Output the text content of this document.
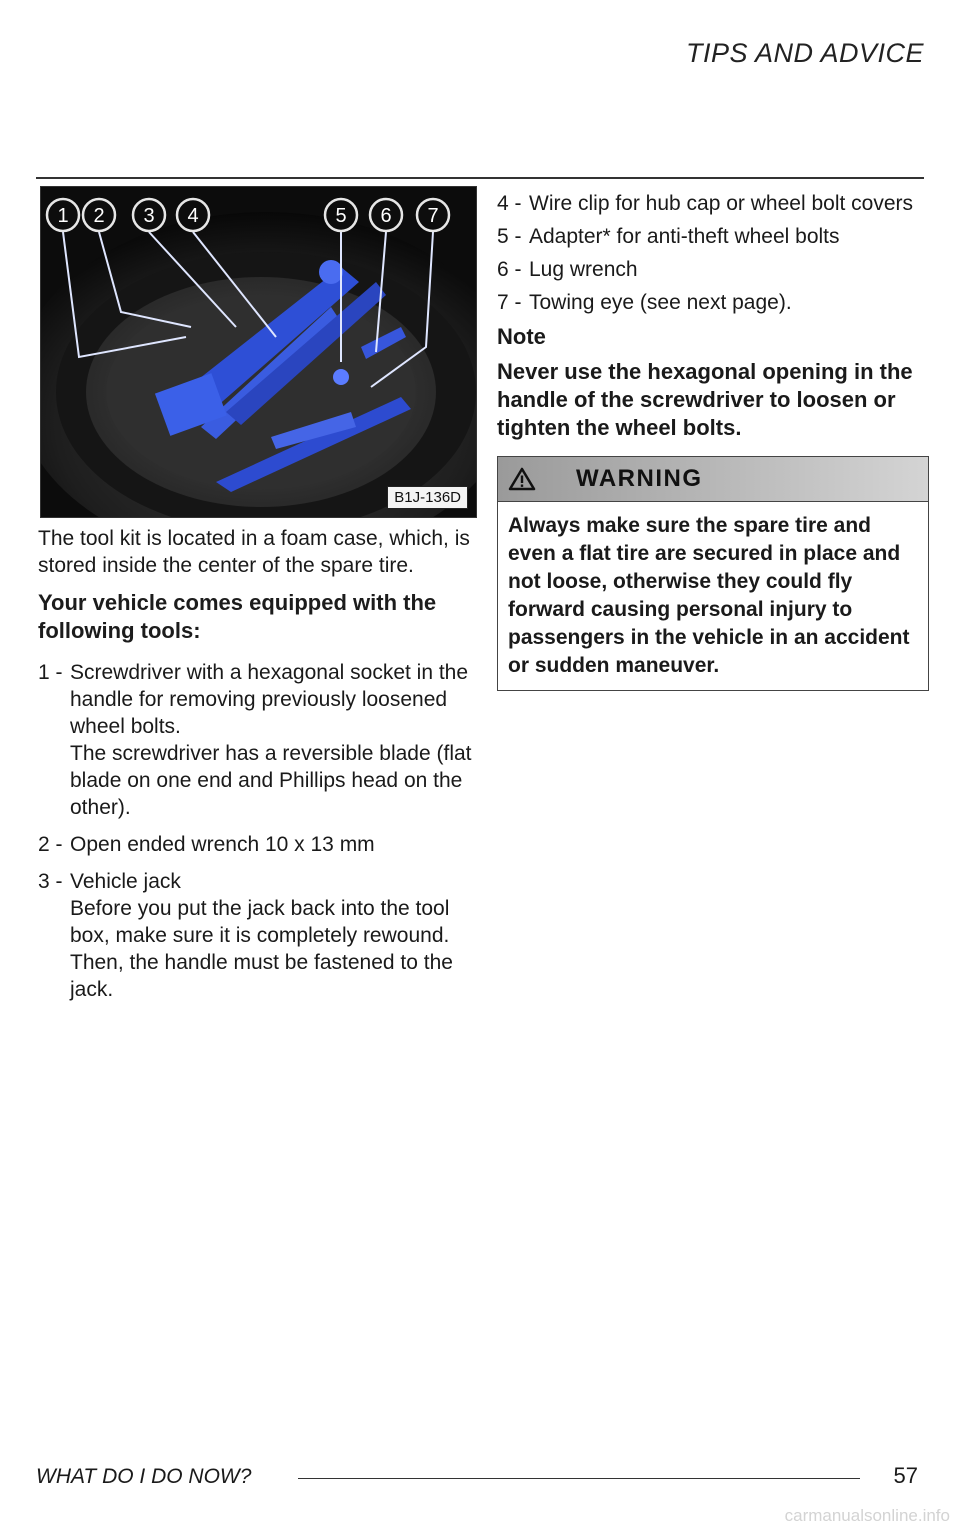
TIPS AND ADVICE
1 2 3 4	5 6 7
B1J-136D

The tool kit is located in a foam case, which, is stored inside the center of the spare tire.

Your vehicle comes equipped with the following tools:
1 - Screwdriver with a hexagonal socket in the handle for removing previously loosened wheel bolts.
The screwdriver has a reversible blade (flat blade on one end and Phillips head on the other).
2 - Open ended wrench 10 x 13 mm
3 - Vehicle jack
Before you put the jack back into the tool box, make sure it is completely rewound.
Then, the handle must be fastened to the jack.
4 - Wire clip for hub cap or wheel bolt covers
5 - Adapter* for anti-theft wheel bolts
6 - Lug wrench
7 - Towing eye (see next page).
Note
Never use the hexagonal opening in the handle of the screwdriver to loosen or tighten the wheel bolts.
WARNING
Always make sure the spare tire and even a flat tire are secured in place and not loose, otherwise they could fly forward causing personal injury to passengers in the vehicle in an accident or sudden maneuver.
WHAT DO I DO NOW?	57
carmanualsonline.info
